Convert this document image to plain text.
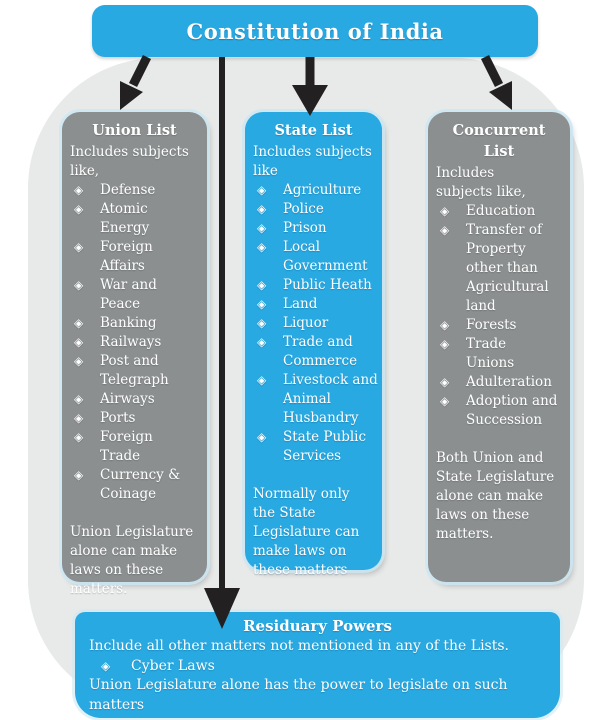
Constitution of India
Union List

Includes subjects like,

◈	Defense
◈	Atomic Energy
◈	Foreign Affairs
◈	War and Peace
◈	Banking
◈	Railways
◈	Post and Telegraph
◈	Airways
◈	Ports
◈	Foreign Trade
◈	Currency & Coinage

Union Legislature alone can make laws on these matters.

State List

Includes subjects like

◈	Agriculture
◈	Police
◈	Prison
◈	Local Government
◈	Public Heath
◈	Land
◈	Liquor
◈	Trade and Commerce
◈	Livestock and Animal Husbandry
◈	State Public Services

Normally only the State Legislature can make laws on these matters

Concurrent List

Includes subjects like,

◈	Education
◈	Transfer of Property other than Agricultural land
◈	Forests
◈	Trade Unions
◈	Adulteration
◈	Adoption and Succession

Both Union and State Legislature alone can make laws on these matters.

Residuary Powers

Include all other matters not mentioned in any of the Lists.

◈	Cyber Laws

Union Legislature alone has the power to legislate on such matters
